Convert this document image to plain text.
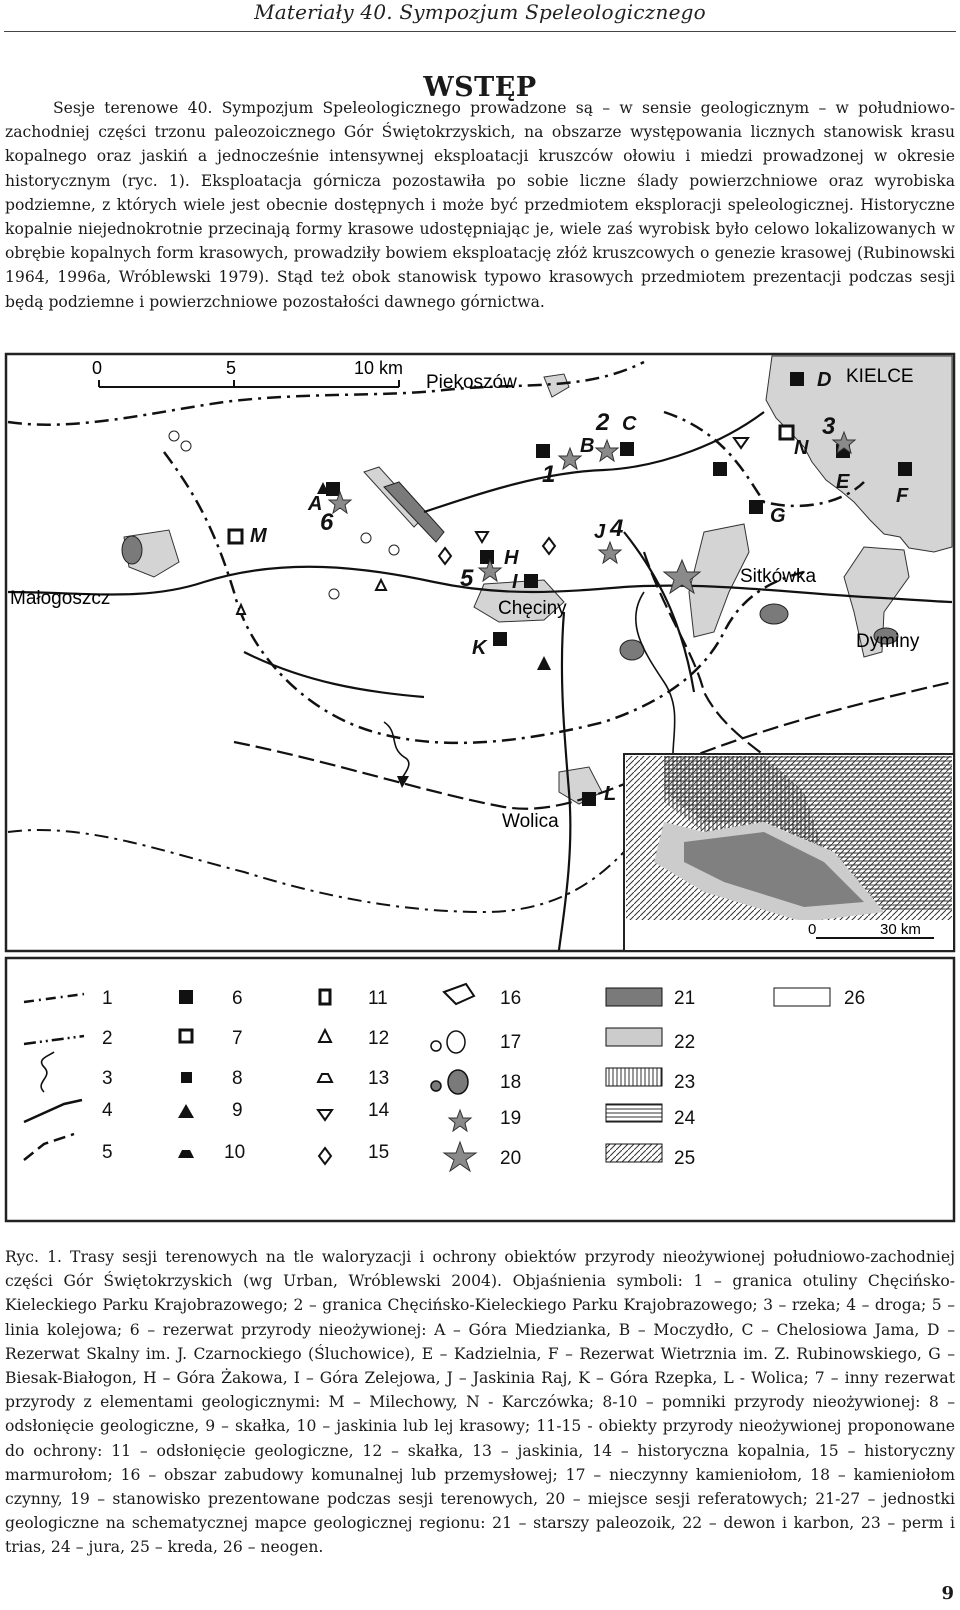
Materiały 40. Sympozjum Speleologicznego
WSTĘP

Sesje terenowe 40. Sympozjum Speleologicznego prowadzone są – w sensie geologicznym – w południowo-zachodniej części trzonu paleozoicznego Gór Świętokrzyskich, na obszarze występowania licznych stanowisk krasu kopalnego oraz jaskiń a jednocześnie intensywnej eksploatacji kruszców ołowiu i miedzi prowadzonej w okresie historycznym (ryc. 1). Eksploatacja górnicza pozostawiła po sobie liczne ślady powierzchniowe oraz wyrobiska podziemne, z których wiele jest obecnie dostępnych i może być przedmiotem eksploracji speleologicznej. Historyczne kopalnie niejednokrotnie przecinają formy krasowe udostępniając je, wiele zaś wyrobisk było celowo lokalizowanych w obrębie kopalnych form krasowych, prowadziły bowiem eksploatację złóż kruszcowych o genezie krasowej (Rubinowski 1964, 1996a, Wróblewski 1979). Stąd też obok stanowisk typowo krasowych przedmiotem prezentacji podczas sesji będą podziemne i powierzchniowe pozostałości dawnego górnictwa.

0	5	10 km
Piekoszów	KIELCE
Małogoszcz	Chęciny
Sitkówka
Dyminy
Wolica
A
B
C
D
E
F
G
H
I
J
K
L
M
N
1
2	3
4
5
6
0	30 km
1
2
3
4
5
6
7
8
9
10
11
12
13
14
15
16
17
18
19
20
21
22
23
24
25
26

Ryc. 1. Trasy sesji terenowych na tle waloryzacji i ochrony obiektów przyrody nieożywionej południowo-zachodniej części Gór Świętokrzyskich (wg Urban, Wróblewski 2004). Objaśnienia symboli: 1 – granica otuliny Chęcińsko-Kieleckiego Parku Krajobrazowego; 2 – granica Chęcińsko-Kieleckiego Parku Krajobrazowego; 3 – rzeka; 4 – droga; 5 – linia kolejowa; 6 – rezerwat przyrody nieożywionej: A – Góra Miedzianka, B – Moczydło, C – Chelosiowa Jama, D – Rezerwat Skalny im. J. Czarnockiego (Śluchowice), E – Kadzielnia, F – Rezerwat Wietrznia im. Z. Rubinowskiego, G – Biesak-Białogon, H – Góra Żakowa, I – Góra Zelejowa, J – Jaskinia Raj, K – Góra Rzepka, L - Wolica; 7 – inny rezerwat przyrody z elementami geologicznymi: M – Milechowy, N - Karczówka; 8-10 – pomniki przyrody nieożywionej: 8 – odsłonięcie geologiczne, 9 – skałka, 10 – jaskinia lub lej krasowy; 11-15 - obiekty przyrody nieożywionej proponowane do ochrony: 11 – odsłonięcie geologiczne, 12 – skałka, 13 – jaskinia, 14 – historyczna kopalnia, 15 – historyczny marmurołom; 16 – obszar zabudowy komunalnej lub przemysłowej; 17 – nieczynny kamieniołom, 18 – kamieniołom czynny, 19 – stanowisko prezentowane podczas sesji terenowych, 20 – miejsce sesji referatowych; 21-27 – jednostki geologiczne na schematycznej mapce geologicznej regionu: 21 – starszy paleozoik, 22 – dewon i karbon, 23 – perm i trias, 24 – jura, 25 – kreda, 26 – neogen.

9
